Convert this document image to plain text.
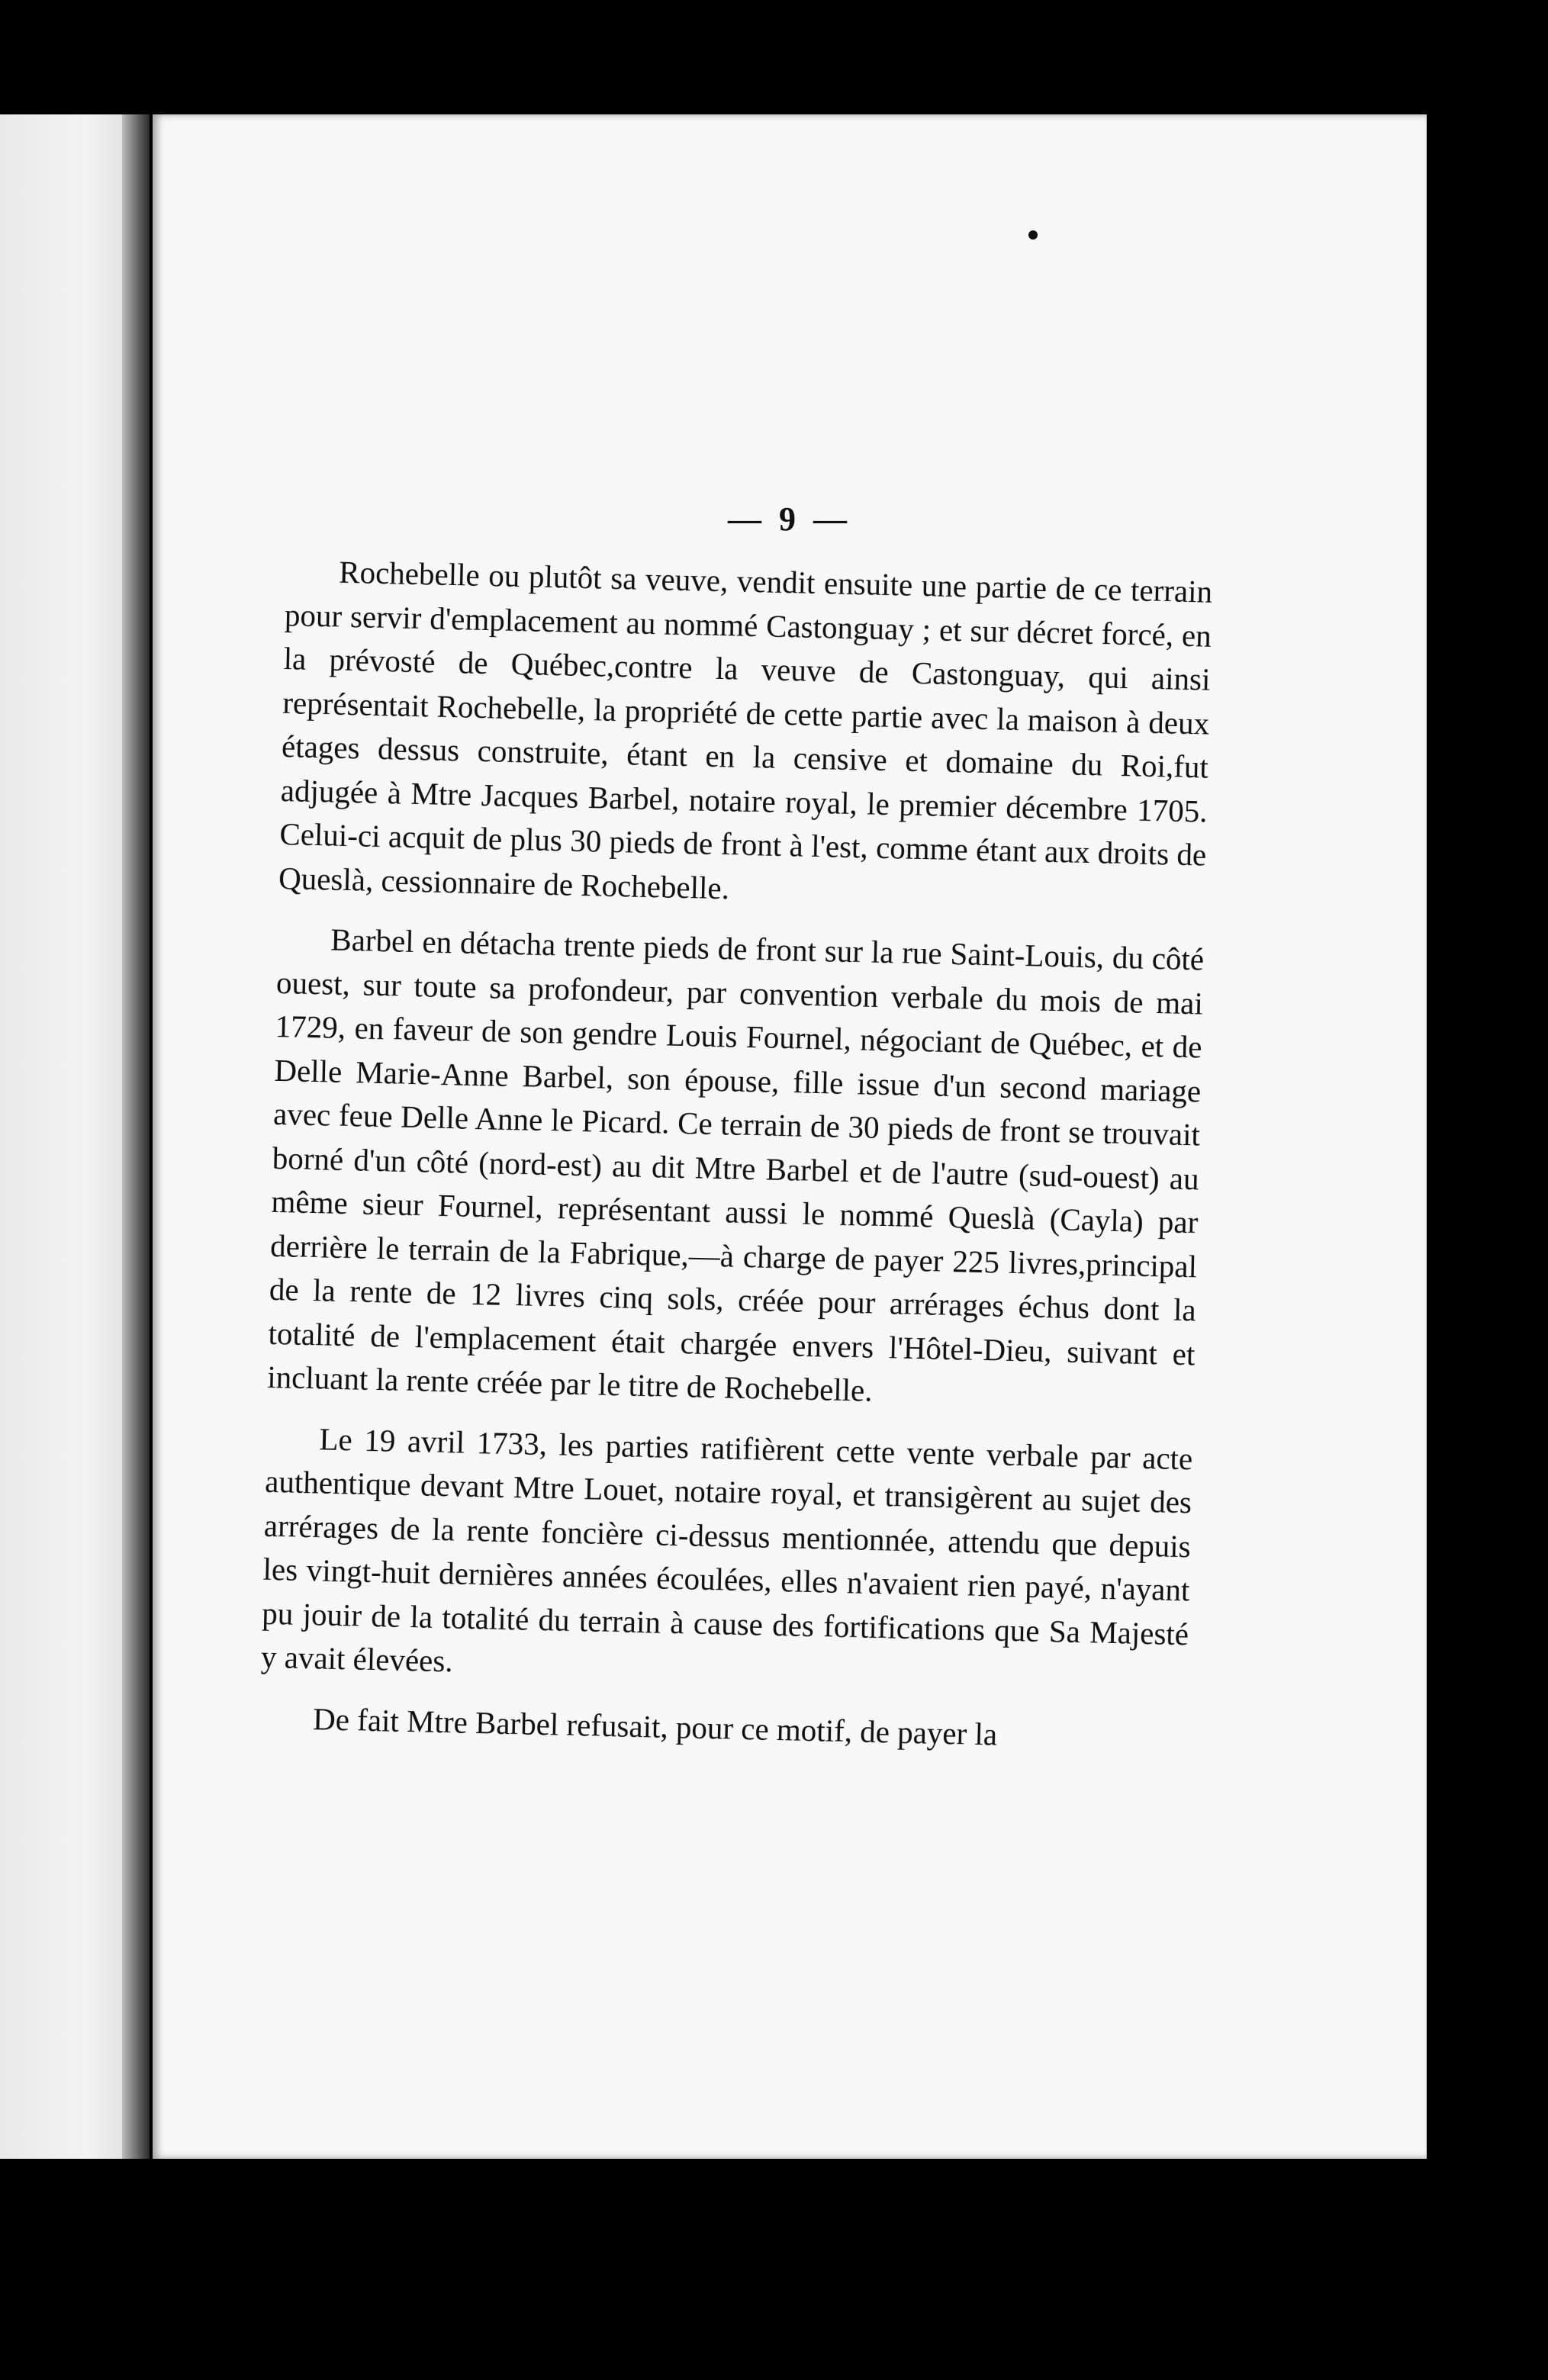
— 9 —

Rochebelle ou plutôt sa veuve, vendit ensuite une partie de ce terrain pour servir d'emplacement au nommé Castonguay ; et sur décret forcé, en la prévosté de Québec,contre la veuve de Castonguay, qui ainsi représentait Rochebelle, la propriété de cette partie avec la maison à deux étages dessus construite, étant en la censive et domaine du Roi,fut adjugée à Mtre Jacques Barbel, notaire royal, le premier décembre 1705. Celui-ci acquit de plus 30 pieds de front à l'est, comme étant aux droits de Queslà, cessionnaire de Rochebelle.

Barbel en détacha trente pieds de front sur la rue Saint-Louis, du côté ouest, sur toute sa profondeur, par convention verbale du mois de mai 1729, en faveur de son gendre Louis Fournel, négociant de Québec, et de Delle Marie-Anne Barbel, son épouse, fille issue d'un second mariage avec feue Delle Anne le Picard. Ce terrain de 30 pieds de front se trouvait borné d'un côté (nord-est) au dit Mtre Barbel et de l'autre (sud-ouest) au même sieur Fournel, représentant aussi le nommé Queslà (Cayla) par derrière le terrain de la Fabrique,—à charge de payer 225 livres,principal de la rente de 12 livres cinq sols, créée pour arrérages échus dont la totalité de l'emplacement était chargée envers l'Hôtel-Dieu, suivant et incluant la rente créée par le titre de Rochebelle.

Le 19 avril 1733, les parties ratifièrent cette vente verbale par acte authentique devant Mtre Louet, notaire royal, et transigèrent au sujet des arrérages de la rente foncière ci-dessus mentionnée, attendu que depuis les vingt-huit dernières années écoulées, elles n'avaient rien payé, n'ayant pu jouir de la totalité du terrain à cause des fortifications que Sa Majesté y avait élevées.

De fait Mtre Barbel refusait, pour ce motif, de payer la
